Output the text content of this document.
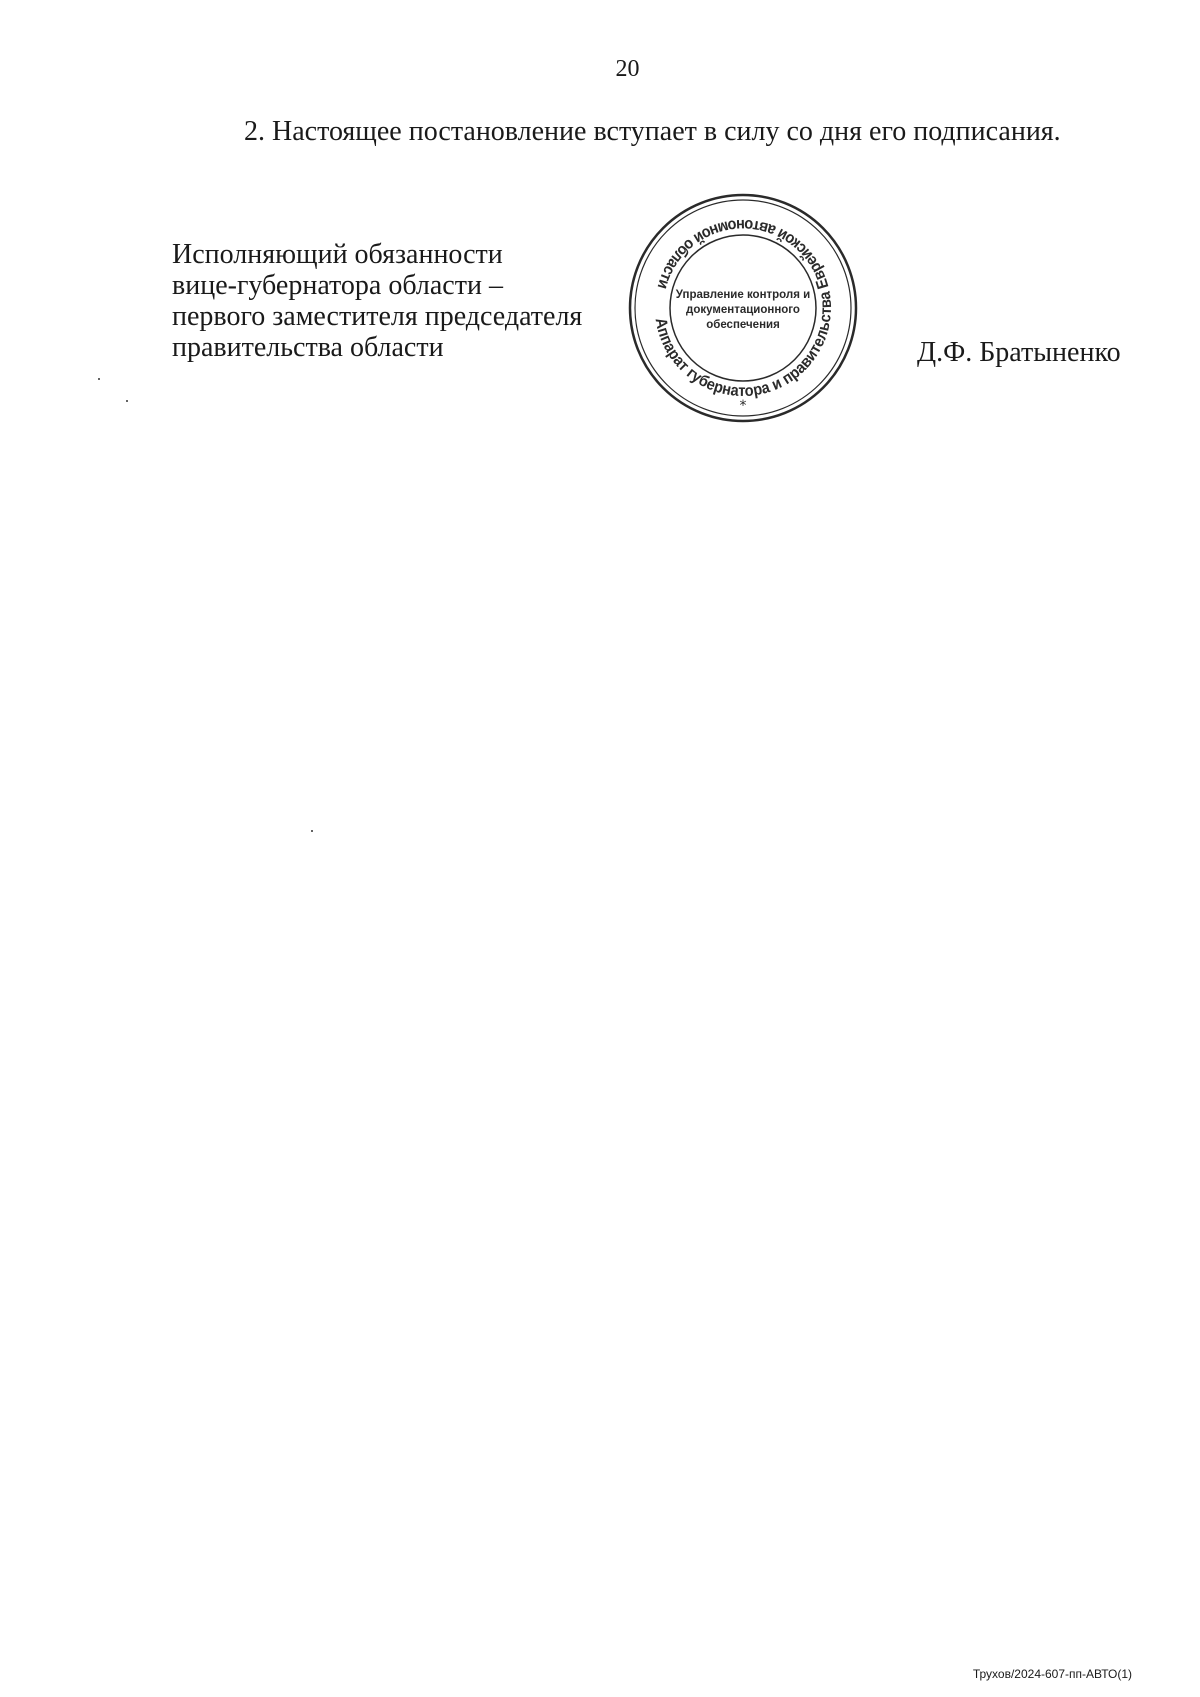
20
2. Настоящее постановление вступает в силу со дня его подписания.
Исполняющий обязанности
вице-губернатора области –
первого заместителя председателя
правительства области
Аппарат губернатора и правительства Еврейской автономной области
Управление контроля и
документационного
обеспечения
*
Д.Ф. Братыненко
Трухов/2024-607-пп-АВТО(1)
